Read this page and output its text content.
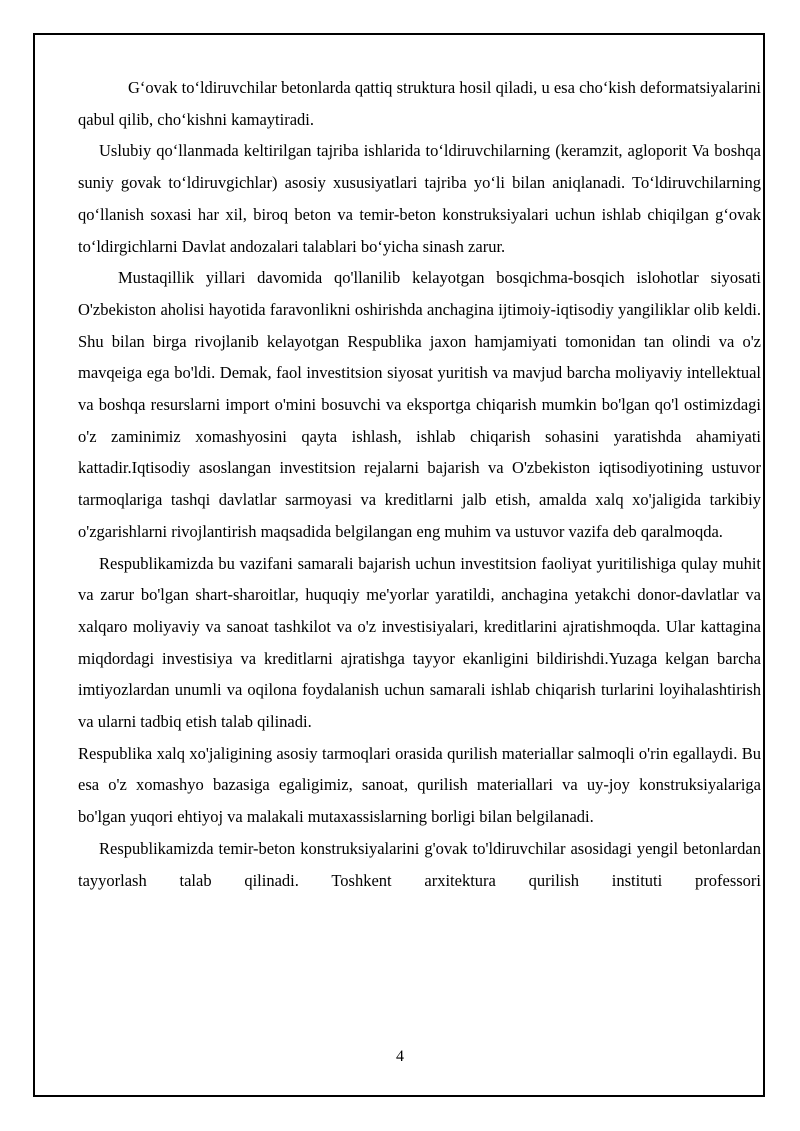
G‘ovak to‘ldiruvchilar betonlarda qattiq struktura hosil qiladi, u esa cho‘kish deformatsiyalarini qabul qilib, cho‘kishni kamaytiradi.

Uslubiy qo‘llanmada keltirilgan tajriba ishlarida to‘ldiruvchilarning (keramzit, agloporit Va boshqa suniy govak to‘ldiruvgichlar) asosiy xususiyatlari tajriba yo‘li bilan aniqlanadi. To‘ldiruvchilarning qo‘llanish soxasi har xil, biroq beton va temir-beton konstruksiyalari uchun ishlab chiqilgan g‘ovak to‘ldirgichlarni Davlat andozalari talablari bo‘yicha sinash zarur.

Mustaqillik yillari davomida qo'llanilib kelayotgan bosqichma-bosqich islohotlar siyosati O'zbekiston aholisi hayotida faravonlikni oshirishda anchagina ijtimoiy-iqtisodiy yangiliklar olib keldi. Shu bilan birga rivojlanib kelayotgan Respublika jaxon hamjamiyati tomonidan tan olindi va o'z mavqeiga ega bo'ldi. Demak, faol investitsion siyosat yuritish va mavjud barcha moliyaviy intellektual va boshqa resurslarni import o'mini bosuvchi va eksportga chiqarish mumkin bo'lgan qo'l ostimizdagi o'z zaminimiz xomashyosini qayta ishlash, ishlab chiqarish sohasini yaratishda ahamiyati kattadir.Iqtisodiy asoslangan investitsion rejalarni bajarish va O'zbekiston iqtisodiyotining ustuvor tarmoqlariga tashqi davlatlar sarmoyasi va kreditlarni jalb etish, amalda xalq xo'jaligida tarkibiy o'zgarishlarni rivojlantirish maqsadida belgilangan eng muhim va ustuvor vazifa deb qaralmoqda.

Respublikamizda bu vazifani samarali bajarish uchun investitsion faoliyat yuritilishiga qulay muhit va zarur bo'lgan shart-sharoitlar, huquqiy me'yorlar yaratildi, anchagina yetakchi donor-davlatlar va xalqaro moliyaviy va sanoat tashkilot va o'z investisiyalari, kreditlarini ajratishmoqda. Ular kattagina miqdordagi investisiya va kreditlarni ajratishga tayyor ekanligini bildirishdi.Yuzaga kelgan barcha imtiyozlardan unumli va oqilona foydalanish uchun samarali ishlab chiqarish turlarini loyihalashtirish va ularni tadbiq etish talab qilinadi.

Respublika xalq xo'jaligining asosiy tarmoqlari orasida qurilish materiallar salmoqli o'rin egallaydi. Bu esa o'z xomashyo bazasiga egaligimiz, sanoat, qurilish materiallari va uy-joy konstruksiyalariga bo'lgan yuqori ehtiyoj va malakali mutaxassislarning borligi bilan belgilanadi.

Respublikamizda temir-beton konstruksiyalarini g'ovak to'ldiruvchilar asosidagi yengil betonlardan tayyorlash talab qilinadi. Toshkent arxitektura qurilish instituti professori

4
